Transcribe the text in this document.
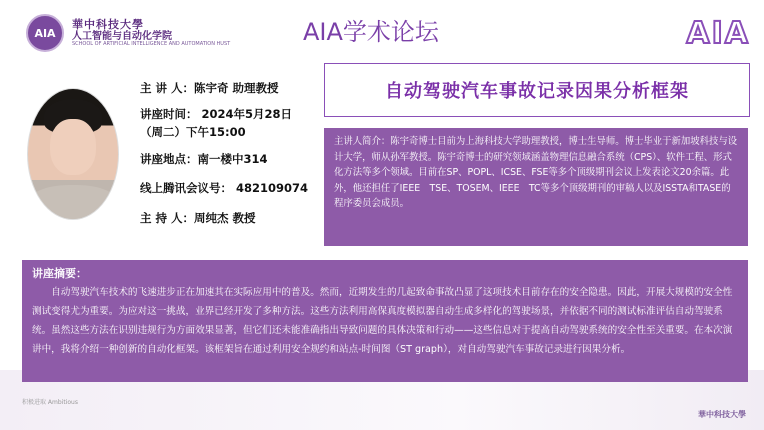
AIA
華中科技大學
人工智能与自动化学院
SCHOOL OF ARTIFICIAL INTELLIGENCE AND AUTOMATION HUST	AIA学术论坛	AIA
主 讲 人：陈宇奇 助理教授
讲座时间： 2024年5月28日
（周二）下午15:00
讲座地点：南一楼中314
线上腾讯会议号： 482109074
主 持 人：周纯杰 教授
自动驾驶汽车事故记录因果分析框架
主讲人简介：陈宇奇博士目前为上海科技大学助理教授，博士生导师。博士毕业于新加坡科技与设计大学，师从孙军教授。陈宇奇博士的研究领域涵盖物理信息融合系统（CPS）、软件工程、形式化方法等多个领域。目前在SP、POPL、ICSE、FSE等多个顶级期刊会议上发表论文20余篇。此外，他还担任了IEEE　TSE、TOSEM、IEEE　TC等多个顶级期刊的审稿人以及ISSTA和TASE的程序委员会成员。
讲座摘要：
自动驾驶汽车技术的飞速进步正在加速其在实际应用中的普及。然而，近期发生的几起致命事故凸显了这项技术目前存在的安全隐患。因此，开展大规模的安全性测试变得尤为重要。为应对这一挑战，业界已经开发了多种方法。这些方法利用高保真度模拟器自动生成多样化的驾驶场景，并依据不同的测试标准评估自动驾驶系统。虽然这些方法在识别违规行为方面效果显著，但它们还未能准确指出导致问题的具体决策和行动——这些信息对于提高自动驾驶系统的安全性至关重要。在本次演讲中，我将介绍一种创新的自动化框架。该框架旨在通过利用安全规约和站点-时间图（ST graph），对自动驾驶汽车事故记录进行因果分析。
积极进取 Ambitious
華中科技大學
